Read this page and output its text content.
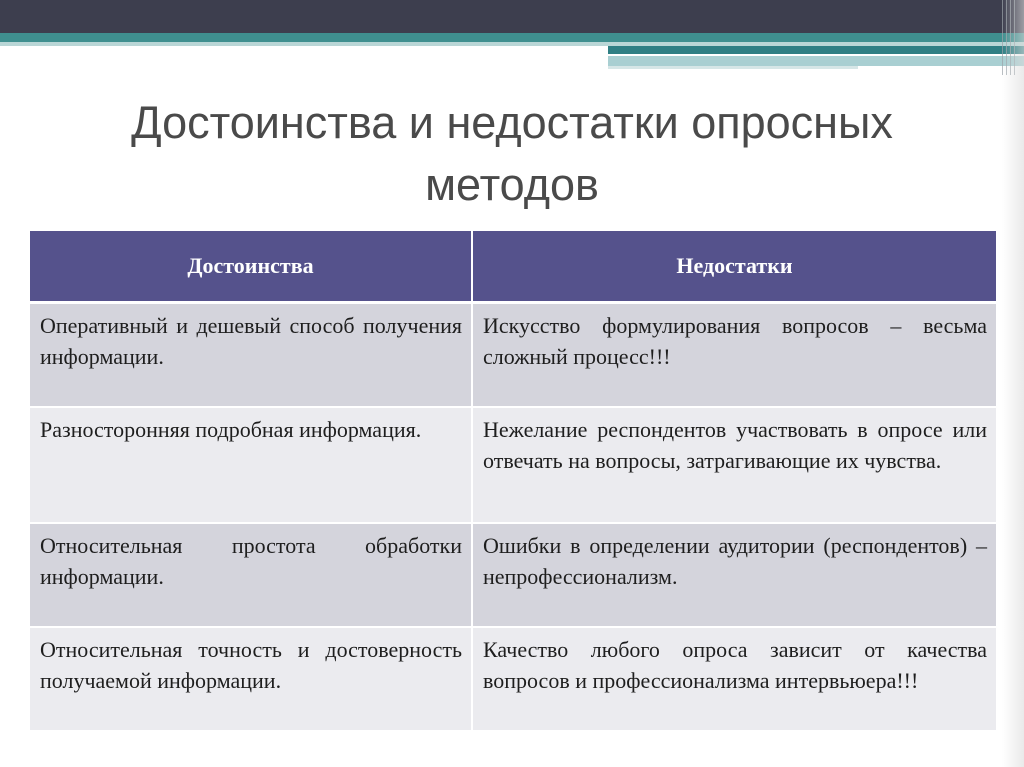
Достоинства и недостатки опросных методов
Достоинства	Недостатки
Оперативный и дешевый способ получения информации.	Искусство формулирования вопросов – весьма сложный процесс!!!
Разносторонняя подробная информация.	Нежелание респондентов участвовать в опросе или отвечать на вопросы, затрагивающие их чувства.
Относительная простота обработки информации.	Ошибки в определении аудитории (респондентов) – непрофессионализм.
Относительная точность и достоверность получаемой информации.	Качество любого опроса зависит от качества вопросов и профессионализма интервьюера!!!
